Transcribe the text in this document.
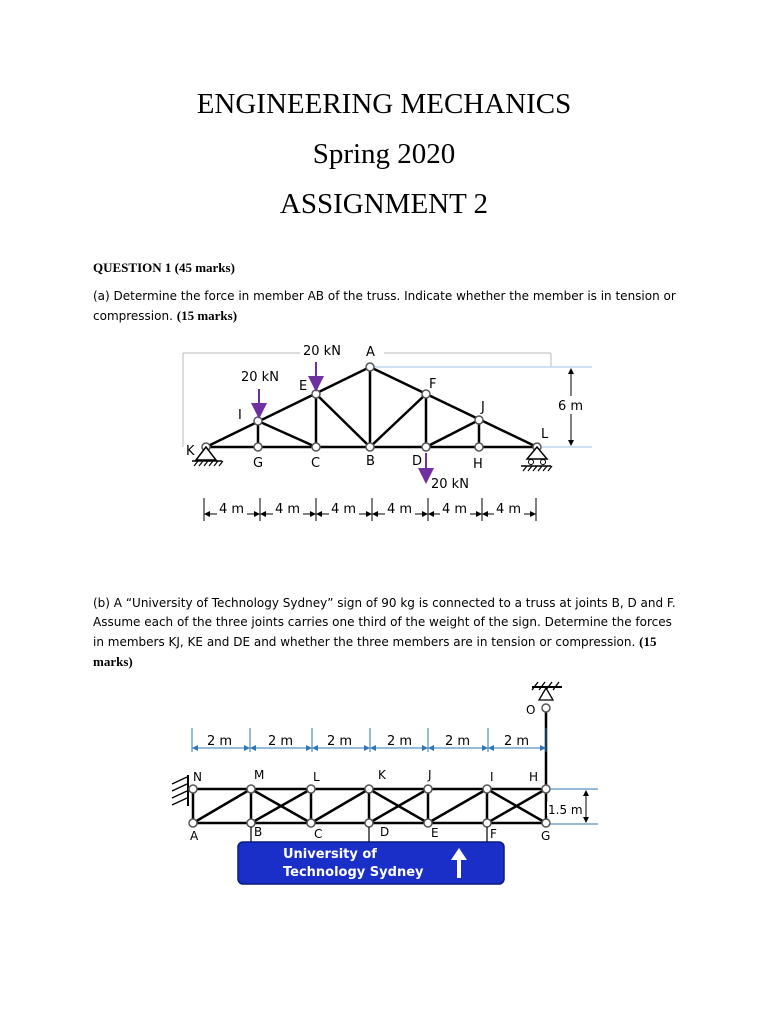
ENGINEERING MECHANICS
Spring 2020
ASSIGNMENT 2
QUESTION 1 (45 marks)
(a) Determine the force in member AB of the truss. Indicate whether the member is in tension or compression. (15 marks)
(b) A “University of Technology Sydney” sign of 90 kg is connected to a truss at joints B, D and F. Assume each of the three joints carries one third of the weight of the sign. Determine the forces in members KJ, KE and DE and whether the three members are in tension or compression. (15 marks)
20 kN
20 kN
20 kN
K
G	C	B	D	H
L
I
E
A
F
J	6 m
4 m 4 m 4 m 4 m 4 m 4 m
N	M	L	K	J	I	H
O
A	B	C	D	E	F	G
University of
Technology Sydney
2 m	2 m	2 m	2 m	2 m	2 m
1.5 m
